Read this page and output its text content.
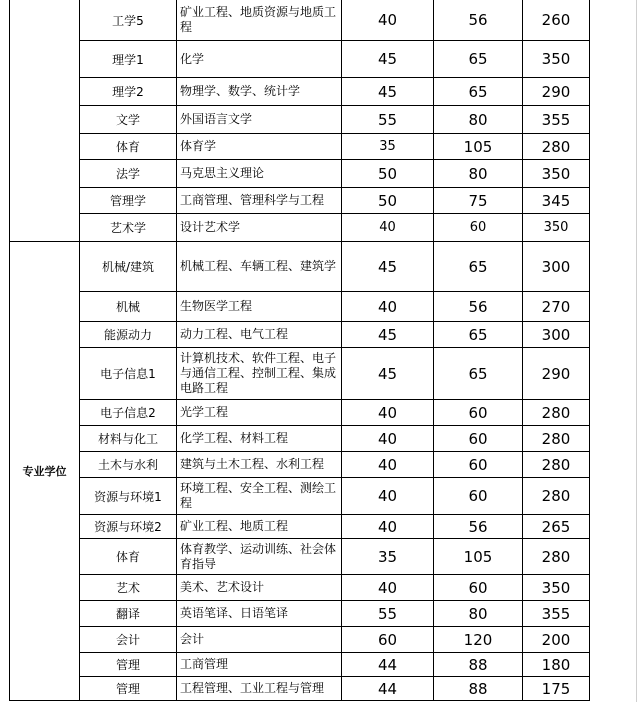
	工学5	矿业工程、地质资源与地质工程	40	56	260
	理学1	化学	45	65	350
	理学2	物理学、数学、统计学	45	65	290
	文学	外国语言文学	55	80	355
	体育	体育学	35	105	280
	法学	马克思主义理论	50	80	350
	管理学	工商管理、管理科学与工程	50	75	345
	艺术学	设计艺术学	40	60	350
专业学位	机械/建筑	机械工程、车辆工程、建筑学	45	65	300
	机械	生物医学工程	40	56	270
	能源动力	动力工程、电气工程	45	65	300
	电子信息1	计算机技术、软件工程、电子与通信工程、控制工程、集成电路工程	45	65	290
	电子信息2	光学工程	40	60	280
	材料与化工	化学工程、材料工程	40	60	280
	土木与水利	建筑与土木工程、水利工程	40	60	280
	资源与环境1	环境工程、安全工程、测绘工程	40	60	280
	资源与环境2	矿业工程、地质工程	40	56	265
	体育	体育教学、运动训练、社会体育指导	35	105	280
	艺术	美术、艺术设计	40	60	350
	翻译	英语笔译、日语笔译	55	80	355
	会计	会计	60	120	200
	管理	工商管理	44	88	180
	管理	工程管理、工业工程与管理	44	88	175
